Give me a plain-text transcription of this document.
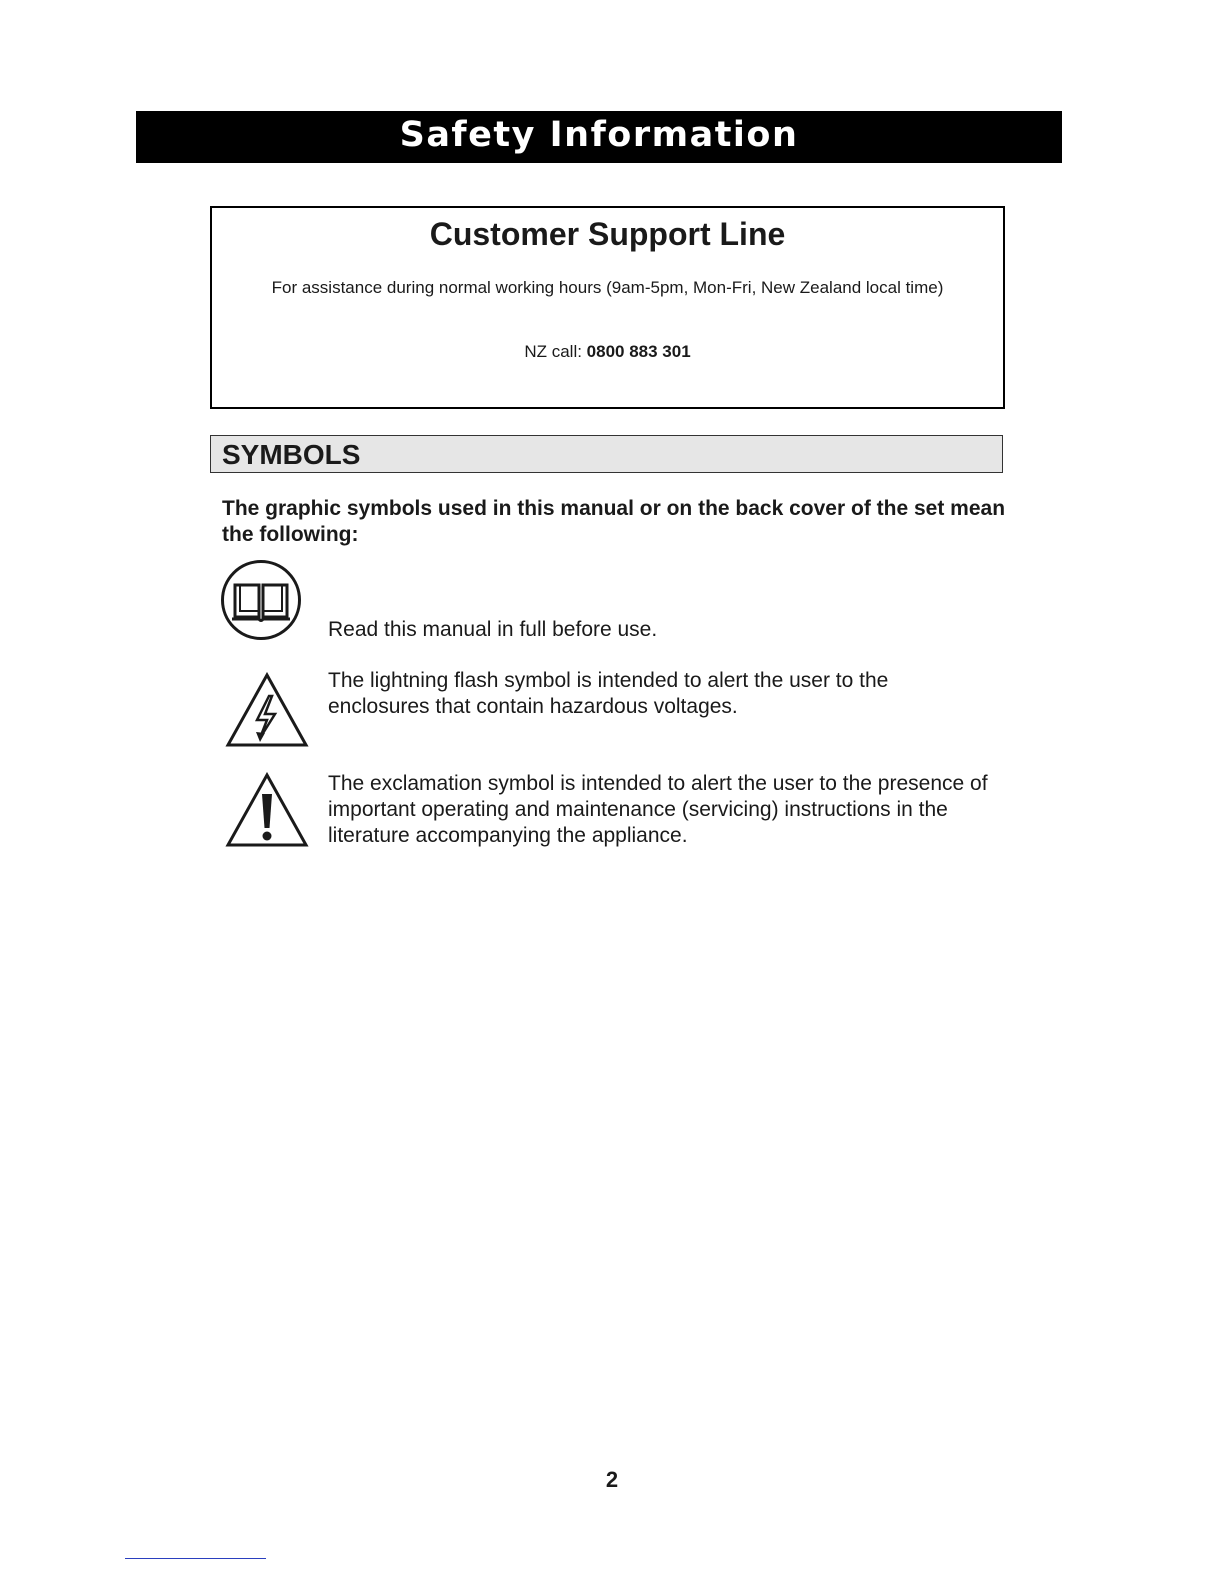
Safety Information
Customer Support Line
For assistance during normal working hours (9am-5pm, Mon-Fri, New Zealand local time)
NZ call: 0800 883 301
SYMBOLS
The graphic symbols used in this manual or on the back cover of the set mean the following:
Read this manual in full before use.
The lightning flash symbol is intended to alert the user to the enclosures that contain hazardous voltages.
The exclamation symbol is intended to alert the user to the presence of important operating and maintenance (servicing) instructions in the literature accompanying the appliance.
2
